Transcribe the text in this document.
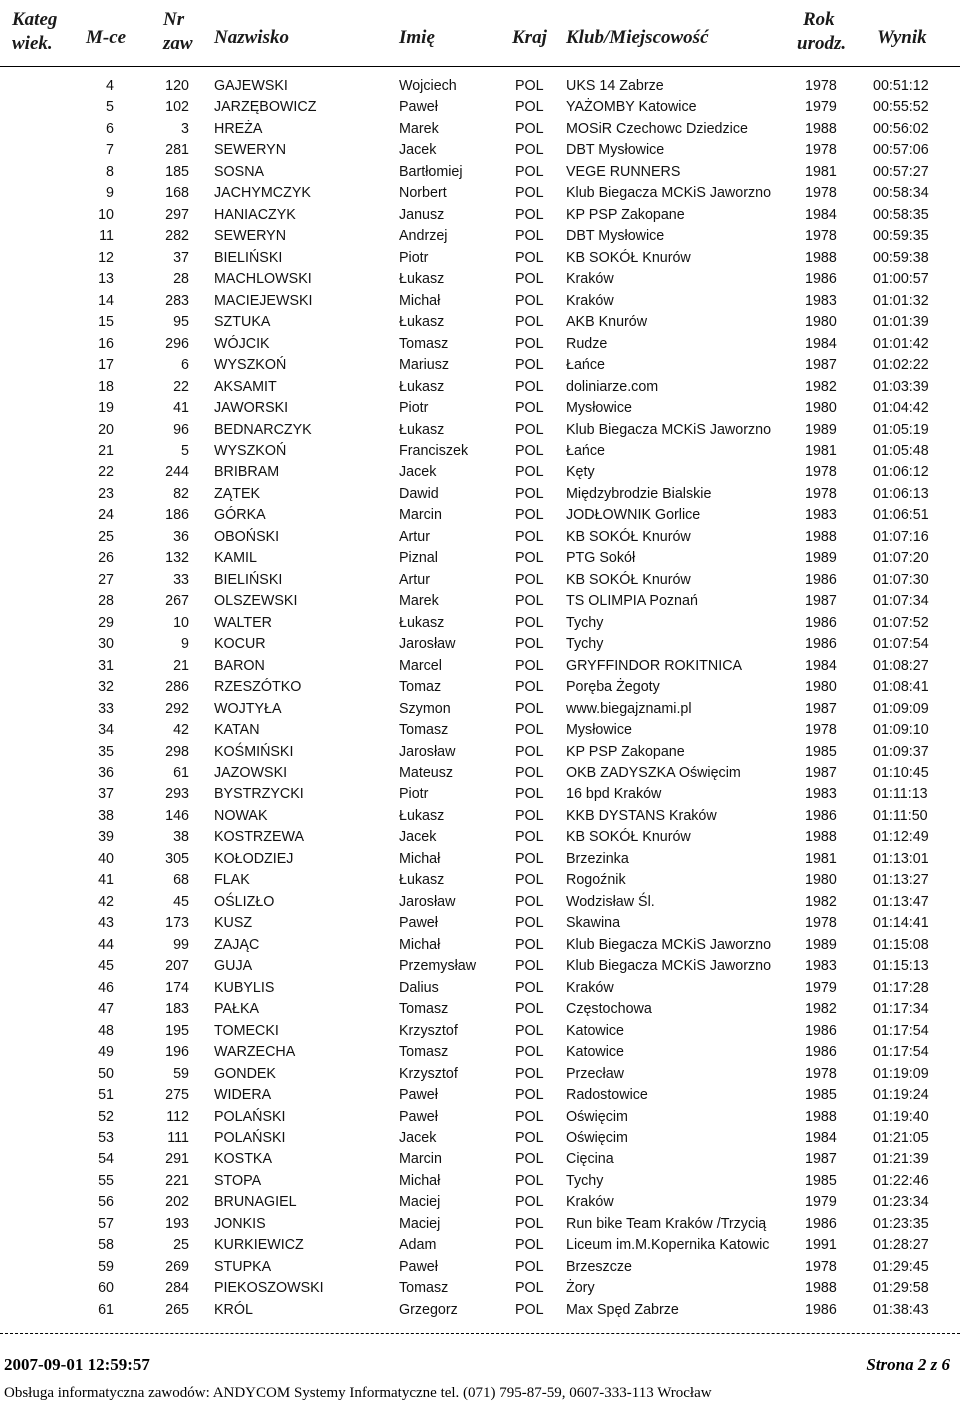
Kateg
wiek. M-ce
Nr
zaw Nazwisko	Imię	Kraj Klub/Miejscowość
Rok
urodz. Wynik
4	120 GAJEWSKI	Wojciech	POL UKS 14 Zabrze	1978	00:51:12
5	102 JARZĘBOWICZ	Paweł	POL YAŻOMBY Katowice	1979	00:55:52
6	3 HREŻA	Marek	POL MOSiR Czechowc Dziedzice	1988	00:56:02
7	281 SEWERYN	Jacek	POL DBT Mysłowice	1978	00:57:06
8	185 SOSNA	Bartłomiej	POL VEGE RUNNERS	1981	00:57:27
9	168 JACHYMCZYK	Norbert	POL Klub Biegacza MCKiS Jaworzno 1978	00:58:34
10	297 HANIACZYK	Janusz	POL KP PSP Zakopane	1984	00:58:35
11	282 SEWERYN	Andrzej	POL DBT Mysłowice	1978	00:59:35
12	37 BIELIŃSKI	Piotr	POL KB SOKÓŁ Knurów	1988	00:59:38
13	28 MACHLOWSKI	Łukasz	POL Kraków	1986	01:00:57
14	283 MACIEJEWSKI	Michał	POL Kraków	1983	01:01:32
15	95 SZTUKA	Łukasz	POL AKB Knurów	1980	01:01:39
16	296 WÓJCIK	Tomasz	POL Rudze	1984	01:01:42
17	6 WYSZKOŃ	Mariusz	POL Łańce	1987	01:02:22
18	22 AKSAMIT	Łukasz	POL doliniarze.com	1982	01:03:39
19	41 JAWORSKI	Piotr	POL Mysłowice	1980	01:04:42
20	96 BEDNARCZYK	Łukasz	POL Klub Biegacza MCKiS Jaworzno 1989	01:05:19
21	5 WYSZKOŃ	Franciszek	POL Łańce	1981	01:05:48
22	244 BRIBRAM	Jacek	POL Kęty	1978	01:06:12
23	82 ZĄTEK	Dawid	POL Międzybrodzie Bialskie	1978	01:06:13
24	186 GÓRKA	Marcin	POL JODŁOWNIK Gorlice	1983	01:06:51
25	36 OBOŃSKI	Artur	POL KB SOKÓŁ Knurów	1988	01:07:16
26	132 KAMIL	Piznal	POL PTG Sokół	1989	01:07:20
27	33 BIELIŃSKI	Artur	POL KB SOKÓŁ Knurów	1986	01:07:30
28	267 OLSZEWSKI	Marek	POL TS OLIMPIA Poznań	1987	01:07:34
29	10 WALTER	Łukasz	POL Tychy	1986	01:07:52
30	9 KOCUR	Jarosław	POL Tychy	1986	01:07:54
31	21 BARON	Marcel	POL GRYFFINDOR ROKITNICA	1984	01:08:27
32	286 RZESZÓTKO	Tomaz	POL Poręba Żegoty	1980	01:08:41
33	292 WOJTYŁA	Szymon	POL www.biegajznami.pl	1987	01:09:09
34	42 KATAN	Tomasz	POL Mysłowice	1978	01:09:10
35	298 KOŚMIŃSKI	Jarosław	POL KP PSP Zakopane	1985	01:09:37
36	61 JAZOWSKI	Mateusz	POL OKB ZADYSZKA Oświęcim	1987	01:10:45
37	293 BYSTRZYCKI	Piotr	POL 16 bpd Kraków	1983	01:11:13
38	146 NOWAK	Łukasz	POL KKB DYSTANS Kraków	1986	01:11:50
39	38 KOSTRZEWA	Jacek	POL KB SOKÓŁ Knurów	1988	01:12:49
40	305 KOŁODZIEJ	Michał	POL Brzezinka	1981	01:13:01
41	68 FLAK	Łukasz	POL Rogoźnik	1980	01:13:27
42	45 OŚLIZŁO	Jarosław	POL Wodzisław Śl.	1982	01:13:47
43	173 KUSZ	Paweł	POL Skawina	1978	01:14:41
44	99 ZAJĄC	Michał	POL Klub Biegacza MCKiS Jaworzno 1989	01:15:08
45	207 GUJA	Przemysław	POL Klub Biegacza MCKiS Jaworzno 1983	01:15:13
46	174 KUBYLIS	Dalius	POL Kraków	1979	01:17:28
47	183 PAŁKA	Tomasz	POL Częstochowa	1982	01:17:34
48	195 TOMECKI	Krzysztof	POL Katowice	1986	01:17:54
49	196 WARZECHA	Tomasz	POL Katowice	1986	01:17:54
50	59 GONDEK	Krzysztof	POL Przecław	1978	01:19:09
51	275 WIDERA	Paweł	POL Radostowice	1985	01:19:24
52	112 POLAŃSKI	Paweł	POL Oświęcim	1988	01:19:40
53	111 POLAŃSKI	Jacek	POL Oświęcim	1984	01:21:05
54	291 KOSTKA	Marcin	POL Cięcina	1987	01:21:39
55	221 STOPA	Michał	POL Tychy	1985	01:22:46
56	202 BRUNAGIEL	Maciej	POL Kraków	1979	01:23:34
57	193 JONKIS	Maciej	POL Run bike Team Kraków /Trzycią	1986	01:23:35
58	25 KURKIEWICZ	Adam	POL Liceum im.M.Kopernika Katowic 1991	01:28:27
59	269 STUPKA	Paweł	POL Brzeszcze	1978	01:29:45
60	284 PIEKOSZOWSKI	Tomasz	POL Żory	1988	01:29:58
61	265 KRÓL	Grzegorz	POL Max Spęd Zabrze	1986	01:38:43
2007-09-01 12:59:57	Strona 2 z 6
Obsługa informatyczna zawodów: ANDYCOM Systemy Informatyczne tel. (071) 795-87-59, 0607-333-113 Wrocław
